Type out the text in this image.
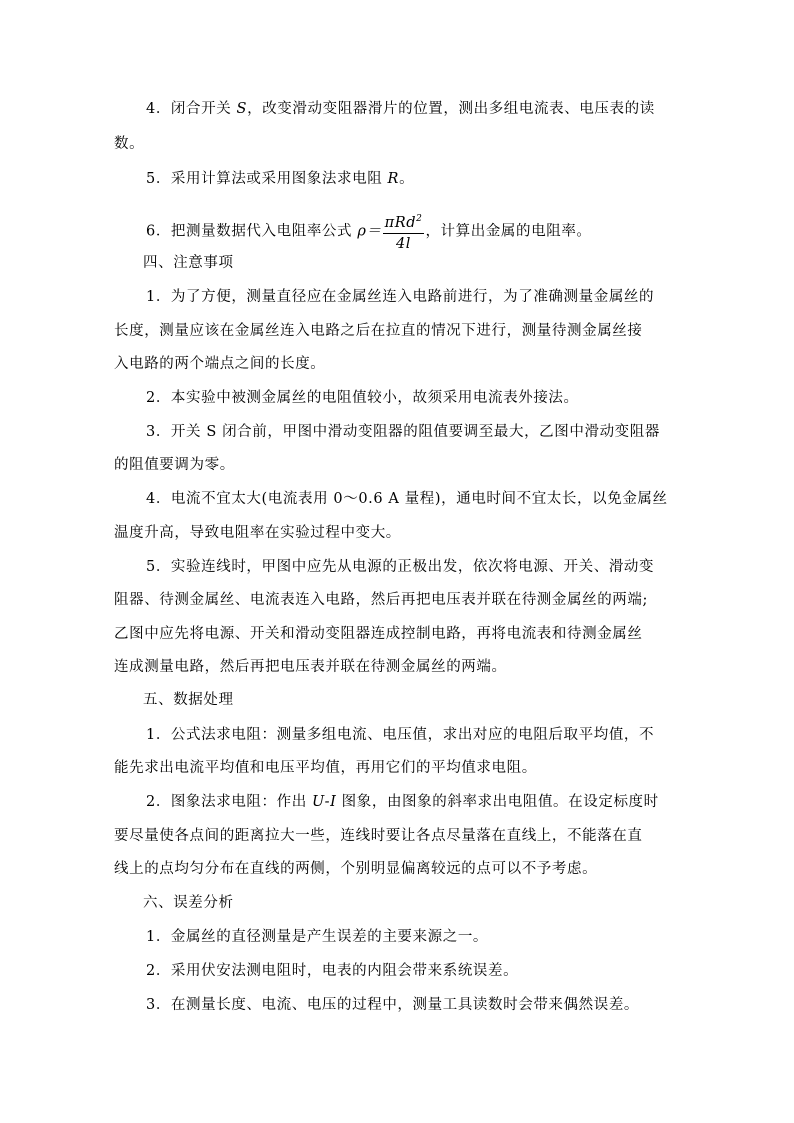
4．闭合开关 S，改变滑动变阻器滑片的位置，测出多组电流表、电压表的读
数。
5．采用计算法或采用图象法求电阻 R。
6．把测量数据代入电阻率公式 $\rho= \frac{\pi Rd^2}{4l}$ ，计算出金属的电阻率。
四、注意事项
1．为了方便，测量直径应在金属丝连入电路前进行，为了准确测量金属丝的
长度，测量应该在金属丝连入电路之后在拉直的情况下进行，测量待测金属丝接
入电路的两个端点之间的长度。
2．本实验中被测金属丝的电阻值较小，故须采用电流表外接法。
3．开关 S 闭合前，甲图中滑动变阻器的阻值要调至最大，乙图中滑动变阻器
的阻值要调为零。
4．电流不宜太大(电流表用 0～0.6 A 量程)，通电时间不宜太长，以免金属丝
温度升高，导致电阻率在实验过程中变大。
5．实验连线时，甲图中应先从电源的正极出发，依次将电源、开关、滑动变
阻器、待测金属丝、电流表连入电路，然后再把电压表并联在待测金属丝的两端;
乙图中应先将电源、开关和滑动变阻器连成控制电路，再将电流表和待测金属丝
连成测量电路，然后再把电压表并联在待测金属丝的两端。
五、数据处理
1．公式法求电阻：测量多组电流、电压值，求出对应的电阻后取平均值，不
能先求出电流平均值和电压平均值，再用它们的平均值求电阻。
2．图象法求电阻：作出 U-I 图象，由图象的斜率求出电阻值。在设定标度时
要尽量使各点间的距离拉大一些，连线时要让各点尽量落在直线上，不能落在直
线上的点均匀分布在直线的两侧，个别明显偏离较远的点可以不予考虑。
六、误差分析
1．金属丝的直径测量是产生误差的主要来源之一。
2．采用伏安法测电阻时，电表的内阻会带来系统误差。
3．在测量长度、电流、电压的过程中，测量工具读数时会带来偶然误差。
